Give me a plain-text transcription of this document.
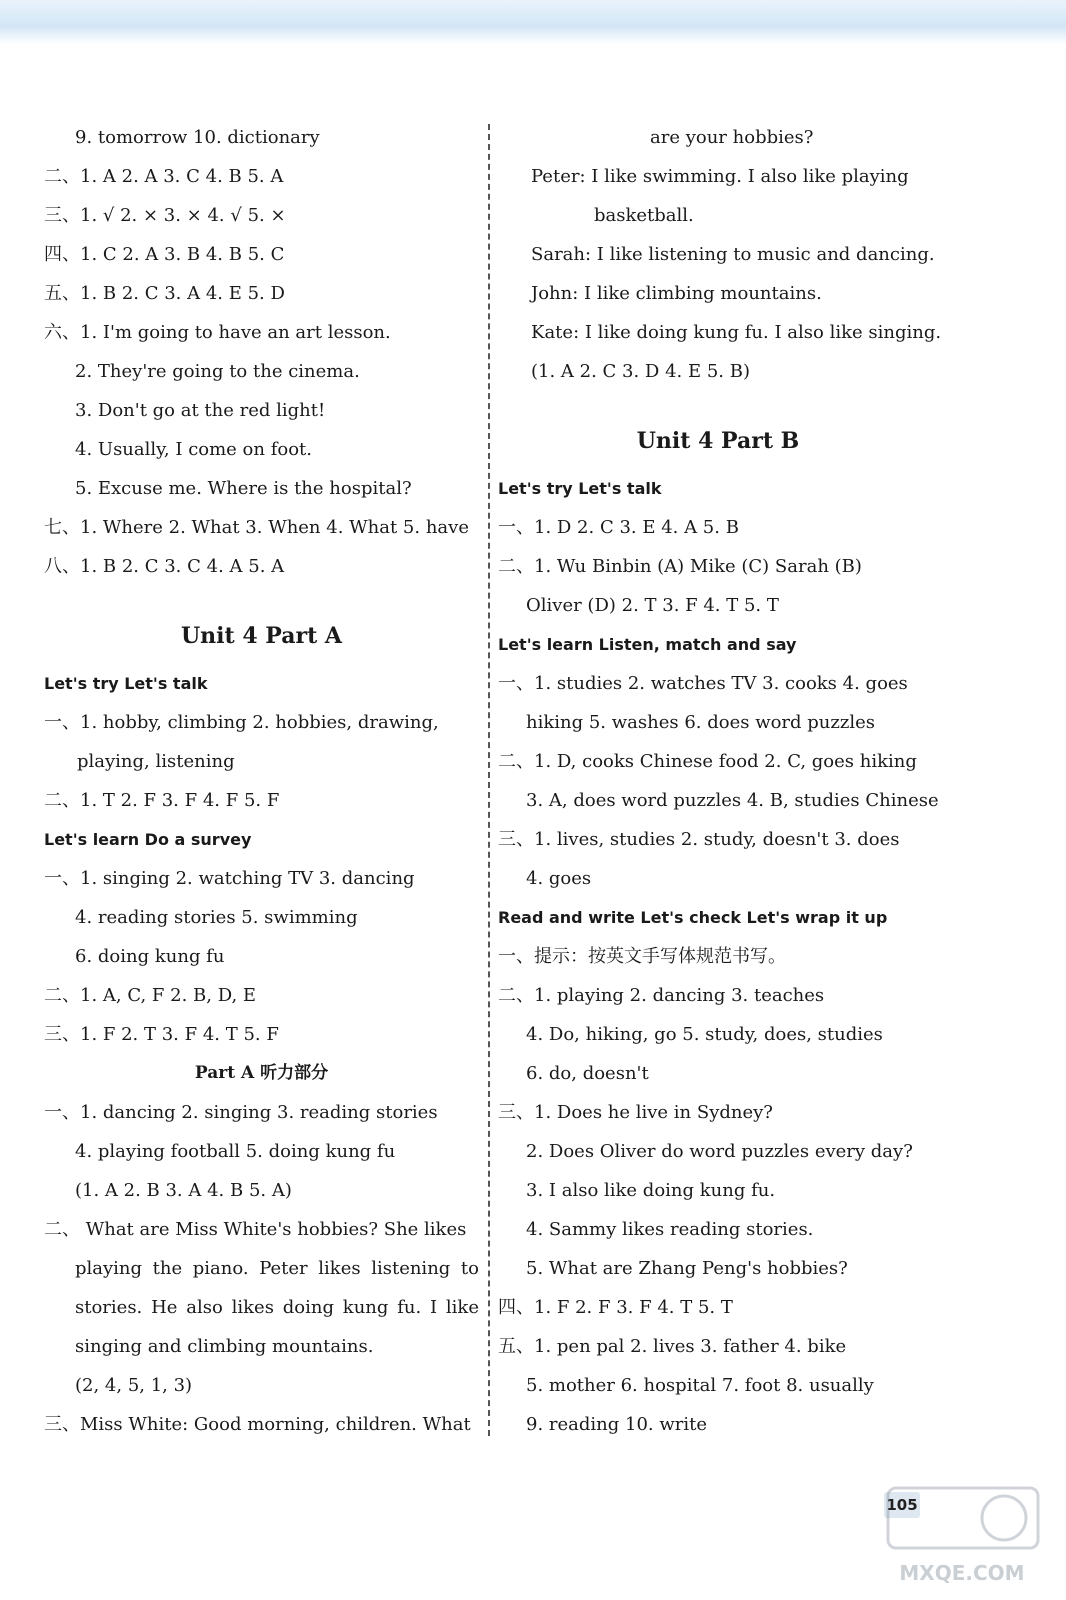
9. tomorrow 10. dictionary
二、1. A 2. A 3. C 4. B 5. A
三、1. √ 2. × 3. × 4. √ 5. ×
四、1. C 2. A 3. B 4. B 5. C
五、1. B 2. C 3. A 4. E 5. D
六、1. I'm going to have an art lesson.
2. They're going to the cinema.
3. Don't go at the red light!
4. Usually, I come on foot.
5. Excuse me. Where is the hospital?
七、1. Where 2. What 3. When 4. What 5. have
八、1. B 2. C 3. C 4. A 5. A
Unit 4 Part A
Let's try Let's talk
一、1. hobby, climbing 2. hobbies, drawing,
playing, listening
二、1. T 2. F 3. F 4. F 5. F
Let's learn Do a survey
一、1. singing 2. watching TV 3. dancing
4. reading stories 5. swimming
6. doing kung fu
二、1. A, C, F 2. B, D, E
三、1. F 2. T 3. F 4. T 5. F
Part A 听力部分
一、1. dancing 2. singing 3. reading stories
4. playing football 5. doing kung fu
(1. A 2. B 3. A 4. B 5. A)
二、 What are Miss White's hobbies? She likes
playing the piano. Peter likes listening to
stories. He also likes doing kung fu. I like
singing and climbing mountains.
(2, 4, 5, 1, 3)
三、Miss White: Good morning, children. What
are your hobbies?
Peter: I like swimming. I also like playing
basketball.
Sarah: I like listening to music and dancing.
John: I like climbing mountains.
Kate: I like doing kung fu. I also like singing.
(1. A 2. C 3. D 4. E 5. B)
Unit 4 Part B
Let's try Let's talk
一、1. D 2. C 3. E 4. A 5. B
二、1. Wu Binbin (A) Mike (C) Sarah (B)
Oliver (D) 2. T 3. F 4. T 5. T
Let's learn Listen, match and say
一、1. studies 2. watches TV 3. cooks 4. goes
hiking 5. washes 6. does word puzzles
二、1. D, cooks Chinese food 2. C, goes hiking
3. A, does word puzzles 4. B, studies Chinese
三、1. lives, studies 2. study, doesn't 3. does
4. goes
Read and write Let's check Let's wrap it up
一、提示：按英文手写体规范书写。
二、1. playing 2. dancing 3. teaches
4. Do, hiking, go 5. study, does, studies
6. do, doesn't
三、1. Does he live in Sydney?
2. Does Oliver do word puzzles every day?
3. I also like doing kung fu.
4. Sammy likes reading stories.
5. What are Zhang Peng's hobbies?
四、1. F 2. F 3. F 4. T 5. T
五、1. pen pal 2. lives 3. father 4. bike
5. mother 6. hospital 7. foot 8. usually
9. reading 10. write
105
MXQE.COM
